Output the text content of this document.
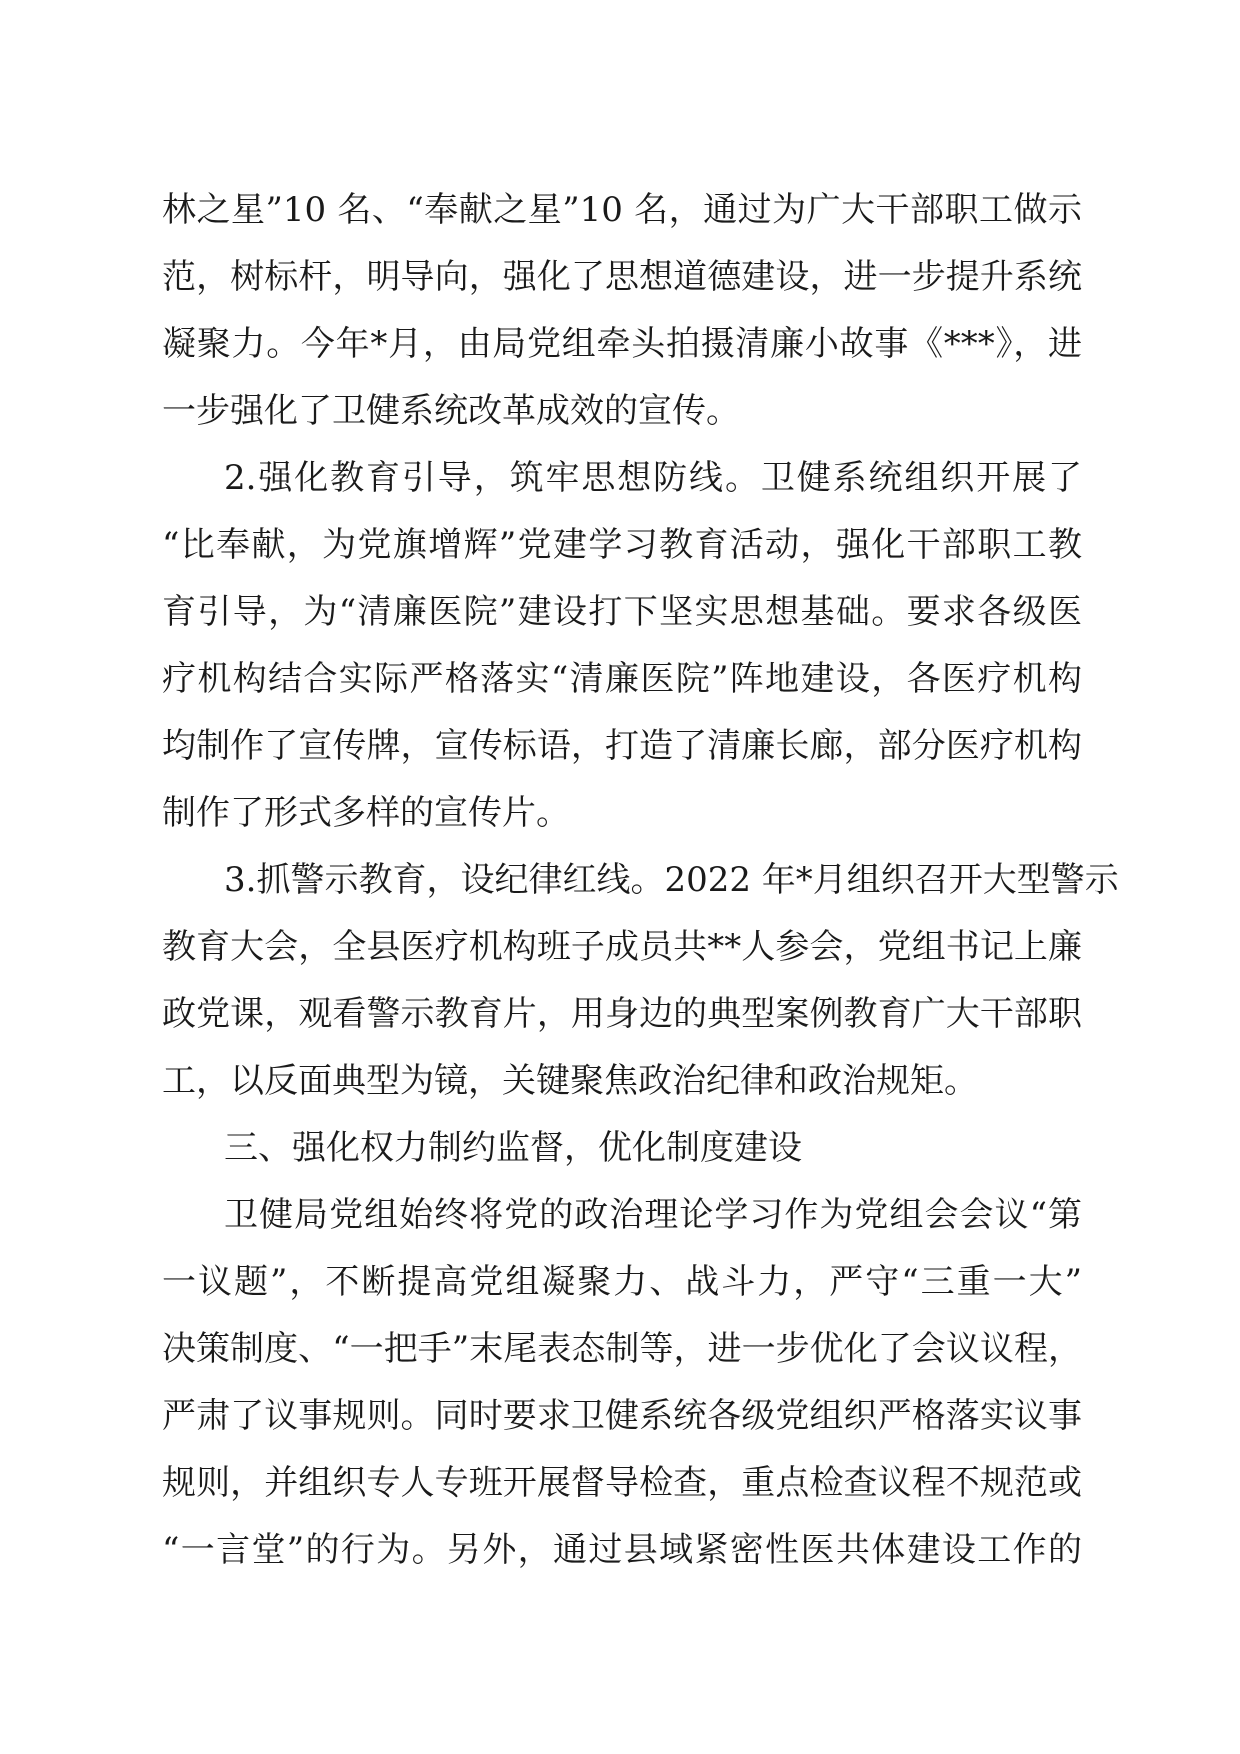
林之星”10 名、“奉献之星”10 名，通过为广大干部职工做示
范，树标杆，明导向，强化了思想道德建设，进一步提升系统
凝聚力。今年*月，由局党组牵头拍摄清廉小故事《***》，进
一步强化了卫健系统改革成效的宣传。
2.强化教育引导，筑牢思想防线。卫健系统组织开展了
“比奉献，为党旗增辉”党建学习教育活动，强化干部职工教
育引导，为“清廉医院”建设打下坚实思想基础。要求各级医
疗机构结合实际严格落实“清廉医院”阵地建设，各医疗机构
均制作了宣传牌，宣传标语，打造了清廉长廊，部分医疗机构
制作了形式多样的宣传片。
3.抓警示教育，设纪律红线。2022 年*月组织召开大型警示
教育大会，全县医疗机构班子成员共**人参会，党组书记上廉
政党课，观看警示教育片，用身边的典型案例教育广大干部职
工，以反面典型为镜，关键聚焦政治纪律和政治规矩。
三、强化权力制约监督，优化制度建设
卫健局党组始终将党的政治理论学习作为党组会会议“第
一议题”，不断提高党组凝聚力、战斗力，严守“三重一大”
决策制度、“一把手”末尾表态制等，进一步优化了会议议程，
严肃了议事规则。同时要求卫健系统各级党组织严格落实议事
规则，并组织专人专班开展督导检查，重点检查议程不规范或
“一言堂”的行为。另外，通过县域紧密性医共体建设工作的
